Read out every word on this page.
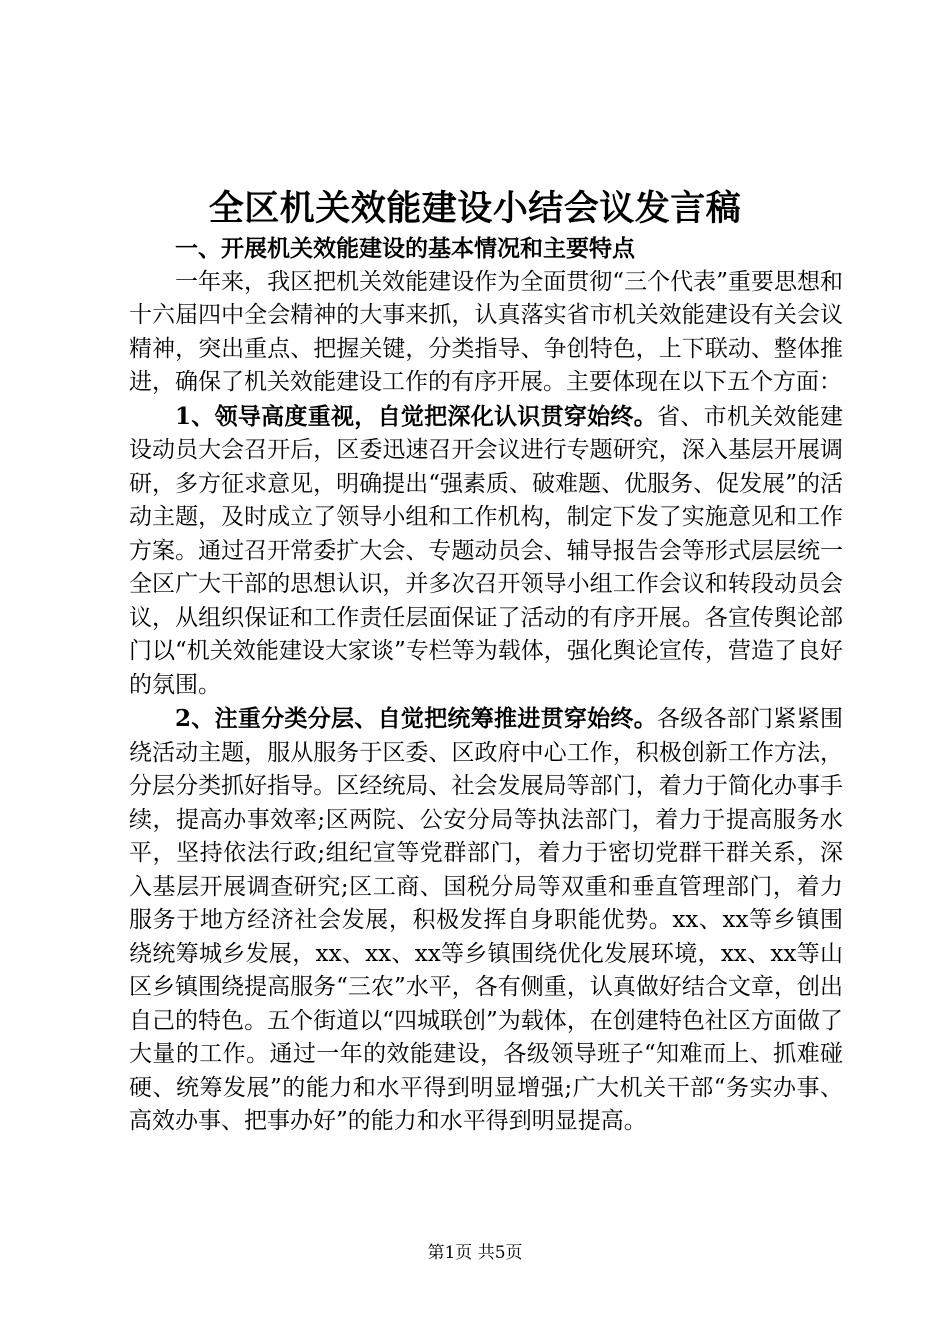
全区机关效能建设小结会议发言稿
一、开展机关效能建设的基本情况和主要特点

一年来，我区把机关效能建设作为全面贯彻“三个代表”重要思想和十六届四中全会精神的大事来抓，认真落实省市机关效能建设有关会议精神，突出重点、把握关键，分类指导、争创特色，上下联动、整体推进，确保了机关效能建设工作的有序开展。主要体现在以下五个方面：

1、领导高度重视，自觉把深化认识贯穿始终。省、市机关效能建设动员大会召开后，区委迅速召开会议进行专题研究，深入基层开展调研，多方征求意见，明确提出“强素质、破难题、优服务、促发展”的活动主题，及时成立了领导小组和工作机构，制定下发了实施意见和工作方案。通过召开常委扩大会、专题动员会、辅导报告会等形式层层统一全区广大干部的思想认识，并多次召开领导小组工作会议和转段动员会议，从组织保证和工作责任层面保证了活动的有序开展。各宣传舆论部门以“机关效能建设大家谈”专栏等为载体，强化舆论宣传，营造了良好的氛围。

2、注重分类分层、自觉把统筹推进贯穿始终。各级各部门紧紧围绕活动主题，服从服务于区委、区政府中心工作，积极创新工作方法，分层分类抓好指导。区经统局、社会发展局等部门，着力于简化办事手续，提高办事效率;区两院、公安分局等执法部门，着力于提高服务水平，坚持依法行政;组纪宣等党群部门，着力于密切党群干群关系，深入基层开展调查研究;区工商、国税分局等双重和垂直管理部门，着力服务于地方经济社会发展，积极发挥自身职能优势。xx、xx等乡镇围绕统筹城乡发展，xx、xx、xx等乡镇围绕优化发展环境，xx、xx等山区乡镇围绕提高服务“三农”水平，各有侧重，认真做好结合文章，创出自己的特色。五个街道以“四城联创”为载体，在创建特色社区方面做了大量的工作。通过一年的效能建设，各级领导班子“知难而上、抓难碰硬、统筹发展”的能力和水平得到明显增强;广大机关干部“务实办事、高效办事、把事办好”的能力和水平得到明显提高。

第1页 共5页
